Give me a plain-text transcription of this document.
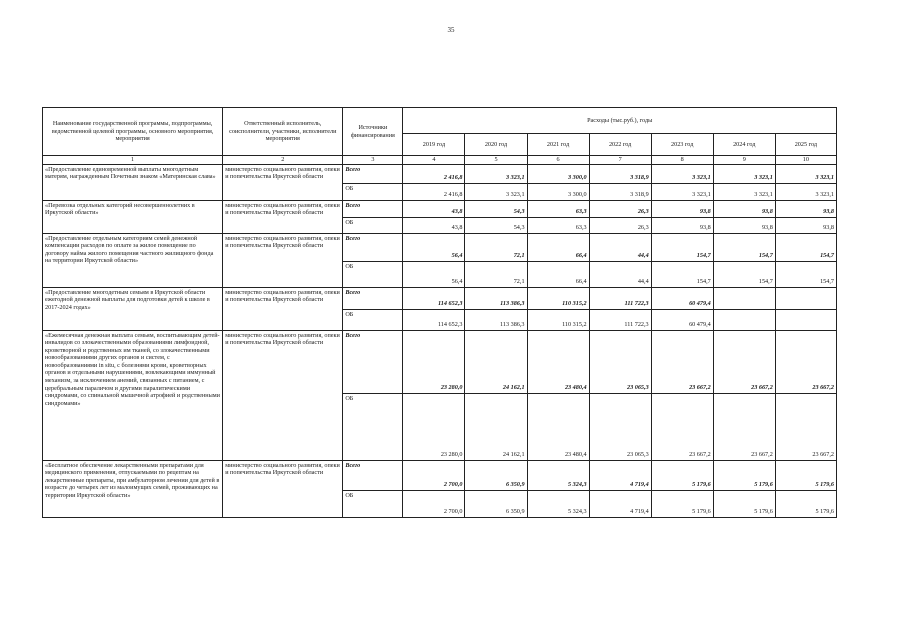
35
Наименование государственной программы, подпрограммы, ведомственной целевой программы, основного мероприятия, мероприятия	Ответственный исполнитель, соисполнители, участники, исполнители мероприятия	Источники финансирования	Расходы (тыс.руб.), годы						
			2019 год	2020 год	2021 год	2022 год	2023 год	2024 год	2025 год
1	2	3	4	5	6	7	8	9	10
«Предоставление единовременной выплаты многодетным матерям, награжденным Почетным знаком «Материнская слава»	министерство социального развития, опеки и попечительства Иркутской области	Всего	2 416,8	3 323,1	3 300,0	3 318,9	3 323,1	3 323,1	3 323,1
		ОБ	2 416,8	3 323,1	3 300,0	3 318,9	3 323,1	3 323,1	3 323,1
«Перевозка отдельных категорий несовершеннолетних в Иркутской области»	министерство социального развития, опеки и попечительства Иркутской области	Всего	43,8	54,3	63,3	26,3	93,8	93,8	93,8
		ОБ	43,8	54,3	63,3	26,3	93,8	93,8	93,8
«Предоставление отдельным категориям семей денежной компенсации расходов по оплате за жилое помещение по договору найма жилого помещения частного жилищного фонда на территории Иркутской области»	министерство социального развития, опеки и попечительства Иркутской области	Всего	56,4	72,1	66,4	44,4	154,7	154,7	154,7
		ОБ	56,4	72,1	66,4	44,4	154,7	154,7	154,7
«Предоставление многодетным семьям в Иркутской области ежегодной денежной выплаты для подготовки детей к школе в 2017-2024 годах»	министерство социального развития, опеки и попечительства Иркутской области	Всего	114 652,3	113 386,3	110 315,2	111 722,3	60 479,4		
		ОБ	114 652,3	113 386,3	110 315,2	111 722,3	60 479,4		
«Ежемесячная денежная выплата семьям, воспитывающим детей-инвалидов со злокачественными образованиями лимфоидной, кроветворной и родственных им тканей, со злокачественными новообразованиями других органов и систем, с новообразованиями in situ, с болезнями крови, кроветворных органов и отдельными нарушениями, вовлекающими иммунный механизм, за исключением анемий, связанных с питанием, с церебральным параличом и другими паралитическими синдромами, со спинальной мышечной атрофией и родственными синдромами»	министерство социального развития, опеки и попечительства Иркутской области	Всего	23 280,0	24 162,1	23 480,4	23 065,3	23 667,2	23 667,2	23 667,2
		ОБ	23 280,0	24 162,1	23 480,4	23 065,3	23 667,2	23 667,2	23 667,2
«Бесплатное обеспечение лекарственными препаратами для медицинского применения, отпускаемыми по рецептам на лекарственные препараты, при амбулаторном лечении для детей в возрасте до четырех лет из малоимущих семей, проживающих на территории Иркутской области»	министерство социального развития, опеки и попечительства Иркутской области	Всего	2 700,0	6 350,9	5 324,3	4 719,4	5 179,6	5 179,6	5 179,6
		ОБ	2 700,0	6 350,9	5 324,3	4 719,4	5 179,6	5 179,6	5 179,6
